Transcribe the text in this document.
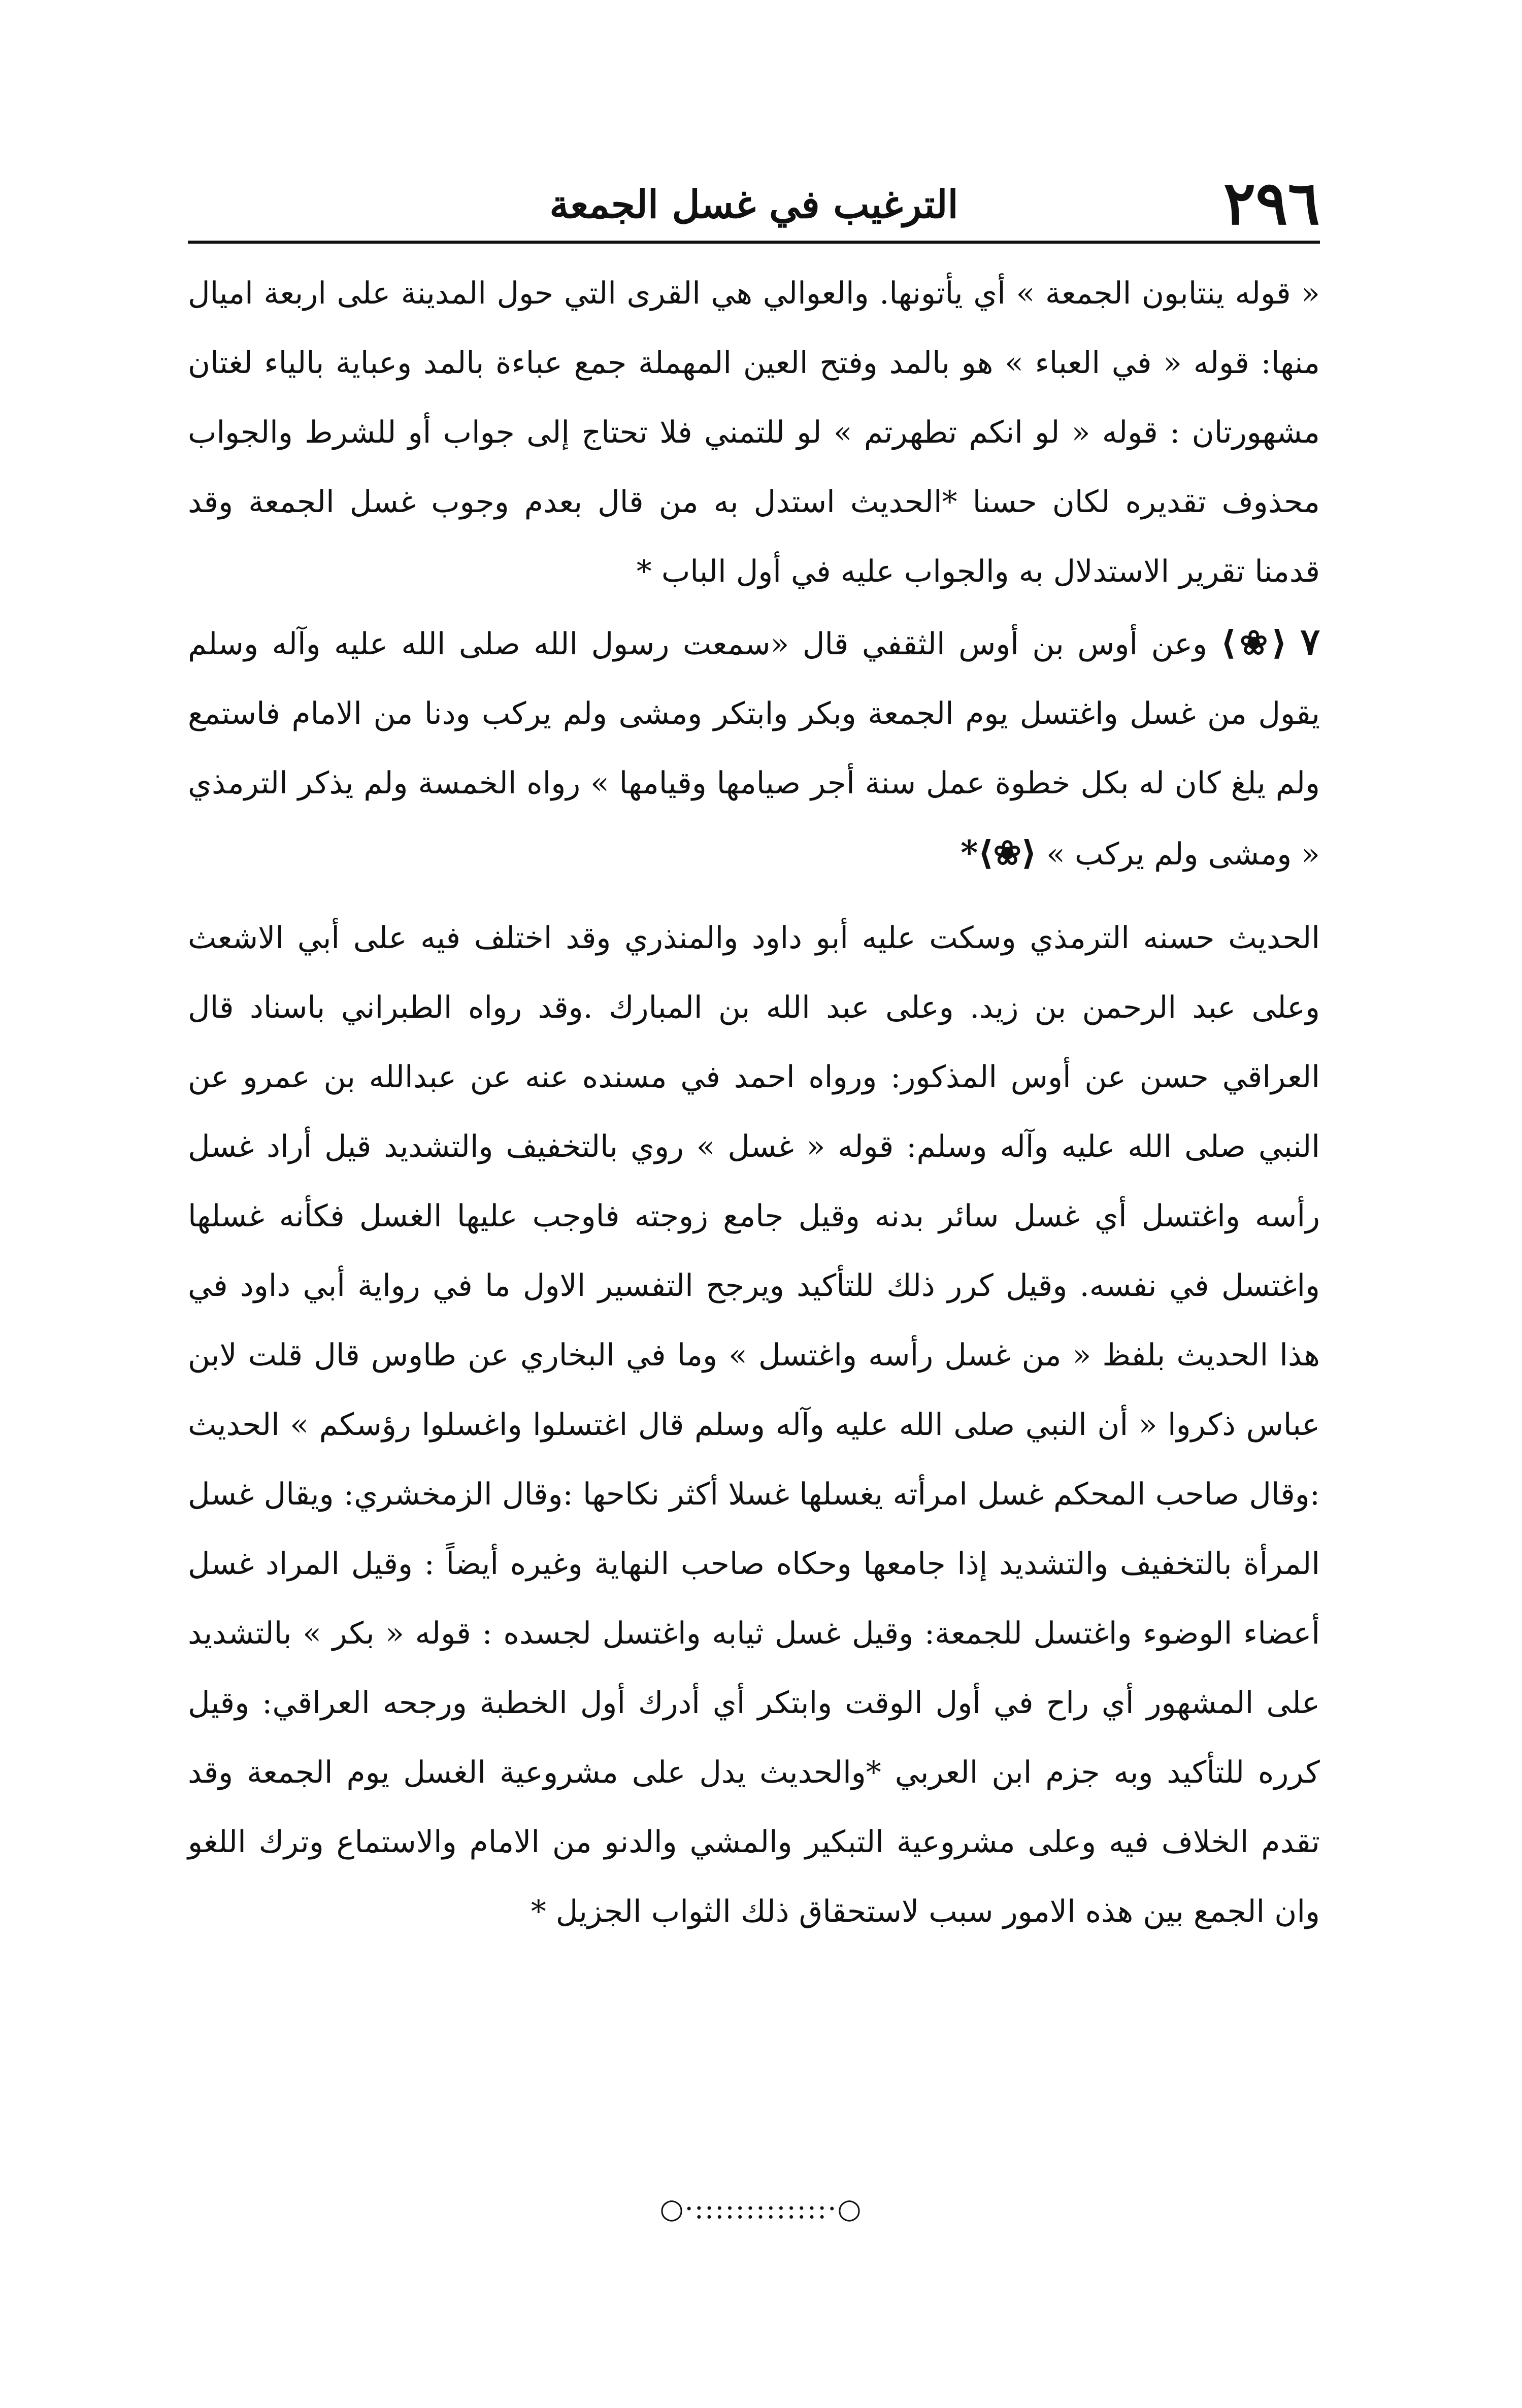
٢٩٦
الترغيب في غسل الجمعة

« قوله ينتابون الجمعة » أي يأتونها. والعوالي هي القرى التي حول المدينة على اربعة اميال منها: قوله « في العباء » هو بالمد وفتح العين المهملة جمع عباءة بالمد وعباية بالياء لغتان مشهورتان : قوله « لو انكم تطهرتم » لو للتمني فلا تحتاج إلى جواب أو للشرط والجواب محذوف تقديره لكان حسنا *الحديث استدل به من قال بعدم وجوب غسل الجمعة وقد قدمنا تقرير الاستدلال به والجواب عليه في أول الباب *

٧ ⟨❀⟩ وعن أوس بن أوس الثقفي قال «سمعت رسول الله صلى الله عليه وآله وسلم يقول من غسل واغتسل يوم الجمعة وبكر وابتكر ومشى ولم يركب ودنا من الامام فاستمع ولم يلغ كان له بكل خطوة عمل سنة أجر صيامها وقيامها » رواه الخمسة ولم يذكر الترمذي « ومشى ولم يركب » ⟨❀⟩*

الحديث حسنه الترمذي وسكت عليه أبو داود والمنذري وقد اختلف فيه على أبي الاشعث وعلى عبد الرحمن بن زيد. وعلى عبد الله بن المبارك .وقد رواه الطبراني باسناد قال العراقي حسن عن أوس المذكور: ورواه احمد في مسنده عنه عن عبدالله بن عمرو عن النبي صلى الله عليه وآله وسلم: قوله « غسل » روي بالتخفيف والتشديد قيل أراد غسل رأسه واغتسل أي غسل سائر بدنه وقيل جامع زوجته فاوجب عليها الغسل فكأنه غسلها واغتسل في نفسه. وقيل كرر ذلك للتأكيد ويرجح التفسير الاول ما في رواية أبي داود في هذا الحديث بلفظ « من غسل رأسه واغتسل » وما في البخاري عن طاوس قال قلت لابن عباس ذكروا « أن النبي صلى الله عليه وآله وسلم قال اغتسلوا واغسلوا رؤسكم » الحديث :وقال صاحب المحكم غسل امرأته يغسلها غسلا أكثر نكاحها :وقال الزمخشري: ويقال غسل المرأة بالتخفيف والتشديد إذا جامعها وحكاه صاحب النهاية وغيره أيضاً : وقيل المراد غسل أعضاء الوضوء واغتسل للجمعة: وقيل غسل ثيابه واغتسل لجسده : قوله « بكر » بالتشديد على المشهور أي راح في أول الوقت وابتكر أي أدرك أول الخطبة ورجحه العراقي: وقيل كرره للتأكيد وبه جزم ابن العربي *والحديث يدل على مشروعية الغسل يوم الجمعة وقد تقدم الخلاف فيه وعلى مشروعية التبكير والمشي والدنو من الامام والاستماع وترك اللغو وان الجمع بين هذه الامور سبب لاستحقاق ذلك الثواب الجزيل *

○·:::::::::::::·○
